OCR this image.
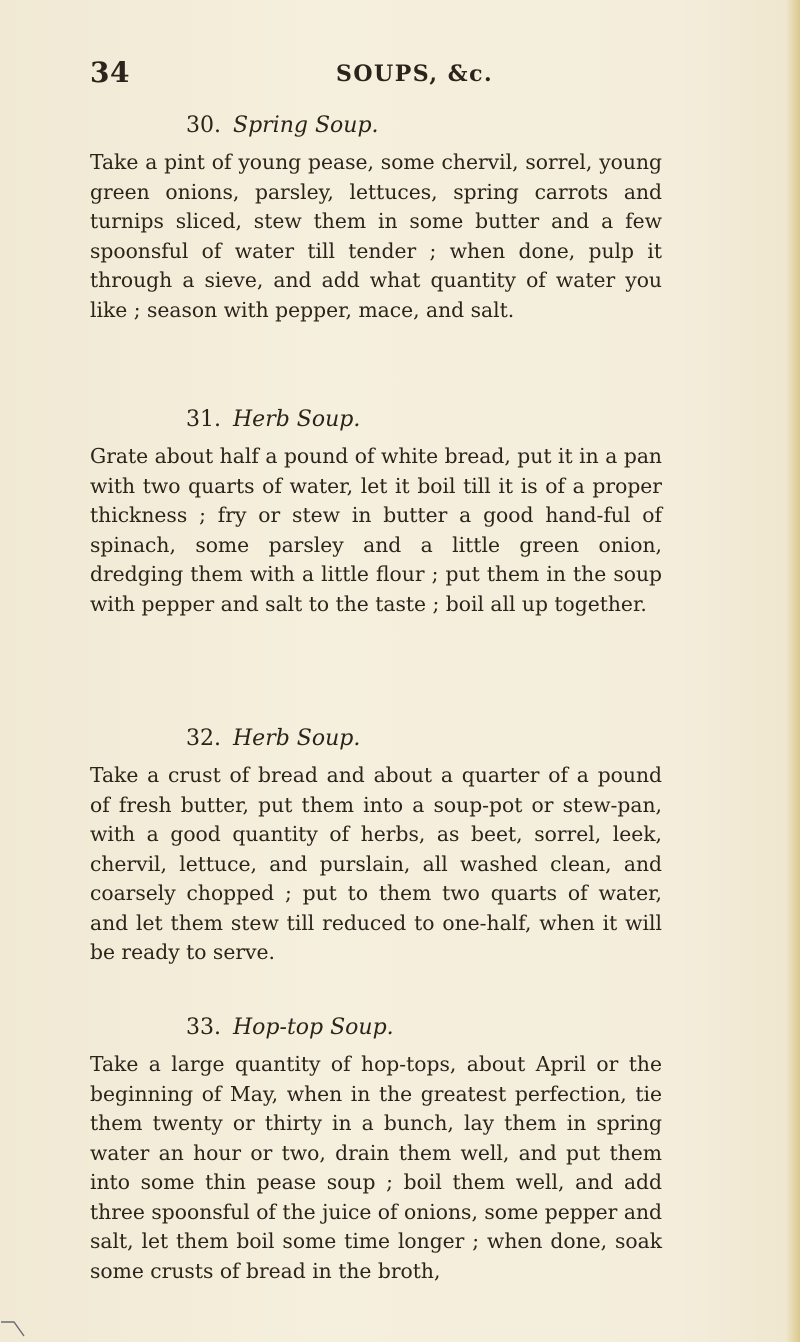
34	SOUPS, &c.
30. Spring Soup.

Take a pint of young pease, some chervil, sorrel, young green onions, parsley, lettuces, spring carrots and turnips sliced, stew them in some butter and a few spoonsful of water till tender ; when done, pulp it through a sieve, and add what quantity of water you like ; season with pepper, mace, and salt.

31. Herb Soup.

Grate about half a pound of white bread, put it in a pan with two quarts of water, let it boil till it is of a proper thickness ; fry or stew in butter a good hand-ful of spinach, some parsley and a little green onion, dredging them with a little flour ; put them in the soup with pepper and salt to the taste ; boil all up together.

32. Herb Soup.

Take a crust of bread and about a quarter of a pound of fresh butter, put them into a soup-pot or stew-pan, with a good quantity of herbs, as beet, sorrel, leek, chervil, lettuce, and purslain, all washed clean, and coarsely chopped ; put to them two quarts of water, and let them stew till reduced to one-half, when it will be ready to serve.

33. Hop-top Soup.

Take a large quantity of hop-tops, about April or the beginning of May, when in the greatest perfection, tie them twenty or thirty in a bunch, lay them in spring water an hour or two, drain them well, and put them into some thin pease soup ; boil them well, and add three spoonsful of the juice of onions, some pepper and salt, let them boil some time longer ; when done, soak some crusts of bread in the broth,
